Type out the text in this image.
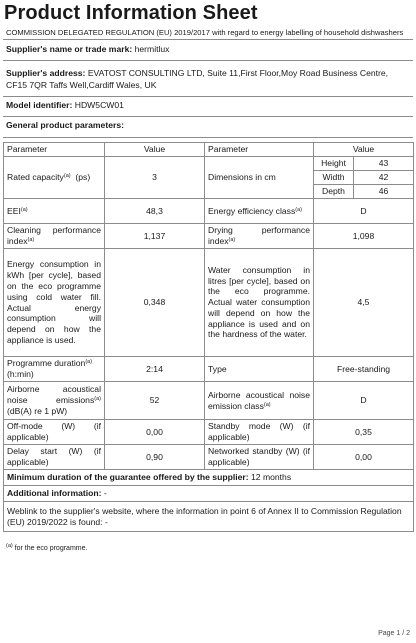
Product Information Sheet
COMMISSION DELEGATED REGULATION (EU) 2019/2017 with regard to energy labelling of household dishwashers
Supplier's name or trade mark: hermitlux
Supplier's address: EVATOST CONSULTING LTD, Suite 11,First Floor,Moy Road Business Centre, CF15 7QR Taffs Well,Cardiff Wales, UK
Model identifier: HDW5CW01
General product parameters:
Parameter	Value	Parameter	Value	
Rated capacity$^{(a)}$ (ps)	3	Dimensions in cm	Height	43
			Width	42
			Depth	46
EEI$^{(a)}$	48,3	Energy efficiency class$^{(a)}$	D	
Cleaning performance index$^{(a)}$	1,137	Drying performance index$^{(a)}$	1,098	
Energy consumption in kWh [per cycle], based on the eco programme using cold water fill. Actual energy consumption will depend on how the appliance is used.	0,348	Water consumption in litres [per cycle], based on the eco programme. Actual water consumption will depend on how the appliance is used and on the hardness of the water.	4,5	
Programme duration$^{(a)}$
(h:min)	2:14	Type	Free-standing	
Airborne acoustical noise emissions$^{(a)}$ (dB(A) re 1 pW)	52	Airborne acoustical noise emission class$^{(a)}$	D	
Off-mode (W) (if applicable)	0,00	Standby mode (W) (if applicable)	0,35	
Delay start (W) (if applicable)	0,90	Networked standby (W) (if applicable)	0,00	
Minimum duration of the guarantee offered by the supplier: 12 months				
Additional information: -				
Weblink to the supplier's website, where the information in point 6 of Annex II to Commission Regulation (EU) 2019/2022 is found: -				
$^{(a)}$ for the eco programme.
Page 1 / 2
